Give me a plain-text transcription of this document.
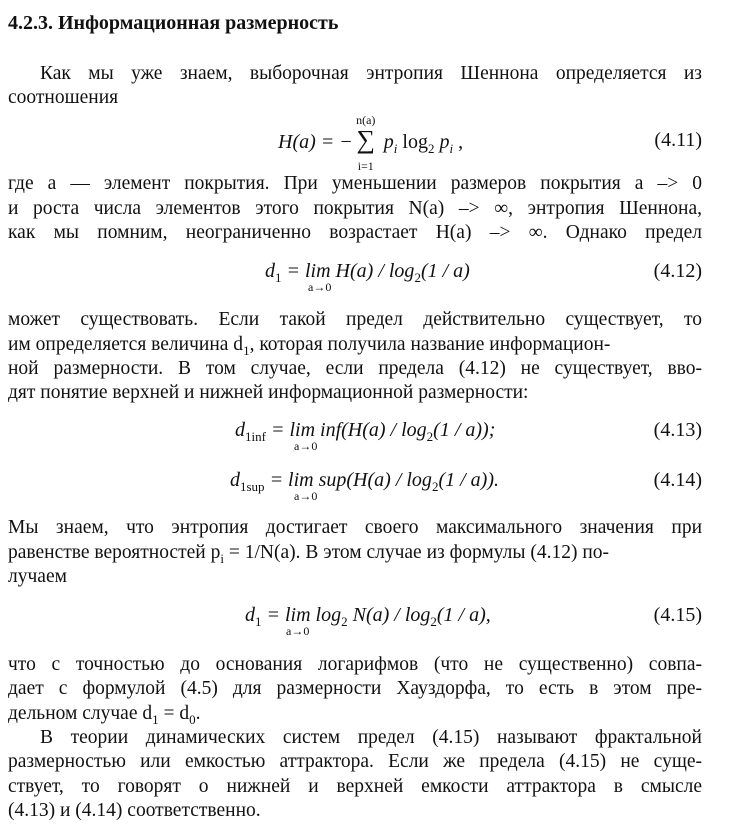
4.2.3. Информационная размерность
Как мы уже знаем, выборочная энтропия Шеннона определяется из
соотношения
H(a) = −
n(a)
∑
i=1
$p_i$ $\log_2 p_i$ ,	(4.11)
где a — элемент покрытия. При уменьшении размеров покрытия a –> 0
и роста числа элементов этого покрытия N(a) –> ∞, энтропия Шеннона,
как мы помним, неограниченно возрастает H(a) –> ∞. Однако предел
$d_1 = \lim H(a) / \log_2(1 / a)$
a→0
(4.12)
может существовать. Если такой предел действительно существует, то
им определяется величина $d_1$, которая получила название информацион-
ной размерности. В том случае, если предела (4.12) не существует, вво-
дят понятие верхней и нижней информационной размерности:
$d_{1inf} = \lim inf(H(a) / \log_2(1 / a))$;
a→0
(4.13)
$d_{1sup} = \lim sup(H(a) / \log_2(1 / a))$.
a→0
(4.14)
Мы знаем, что энтропия достигает своего максимального значения при
равенстве вероятностей $p_i = 1/N(a)$. В этом случае из формулы (4.12) по-
лучаем
$d_1 = \lim \log_2 N(a) / \log_2(1 / a)$,
a→0
(4.15)
что с точностью до основания логарифмов (что не существенно) совпа-
дает с формулой (4.5) для размерности Хауздорфа, то есть в этом пре-
дельном случае $d_1 = d_0$.
В теории динамических систем предел (4.15) называют фрактальной
размерностью или емкостью аттрактора. Если же предела (4.15) не суще-
ствует, то говорят о нижней и верхней емкости аттрактора в смысле
(4.13) и (4.14) соответственно.
